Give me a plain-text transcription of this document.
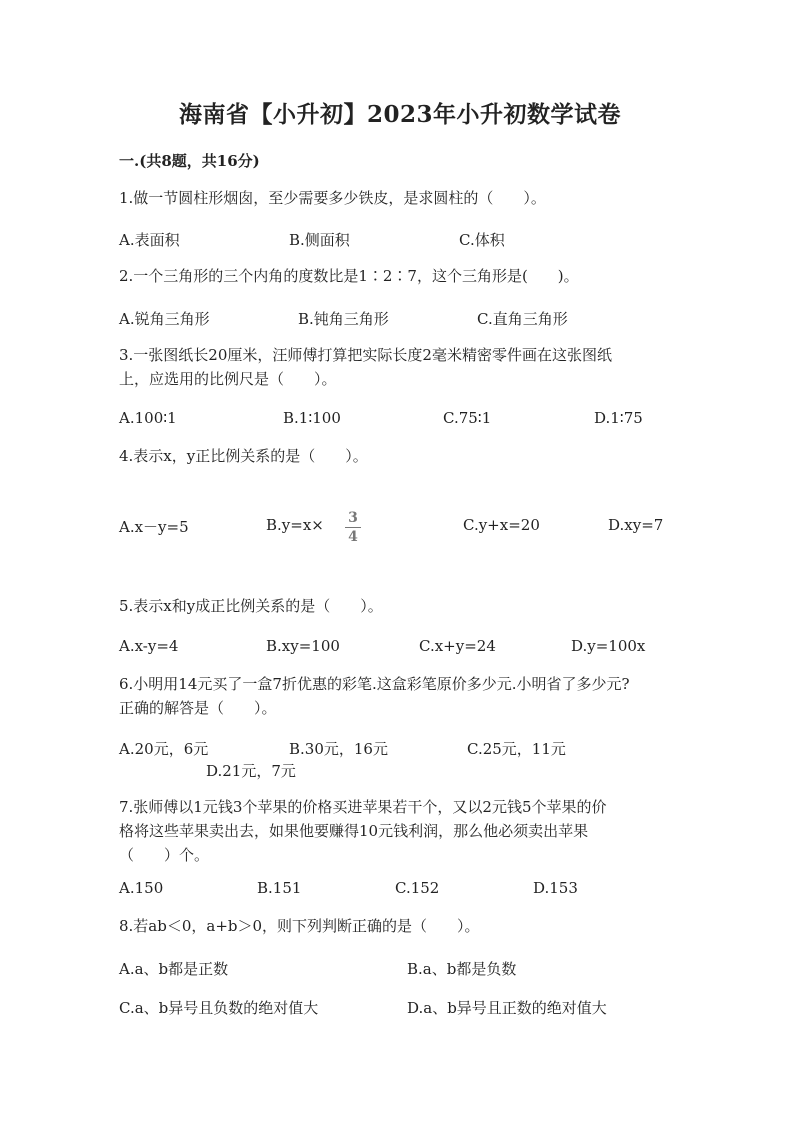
海南省【小升初】2023年小升初数学试卷
一.(共8题，共16分)
1.做一节圆柱形烟囱，至少需要多少铁皮，是求圆柱的（　　）。
A.表面积	B.侧面积	C.体积
2.一个三角形的三个内角的度数比是1∶2∶7，这个三角形是(　　)。
A.锐角三角形	B.钝角三角形	C.直角三角形
3.一张图纸长20厘米，汪师傅打算把实际长度2毫米精密零件画在这张图纸
上，应选用的比例尺是（　　）。
A.100∶1	B.1∶100	C.75∶1	D.1∶75
4.表示x，y正比例关系的是（　　）。
A.x－y=5	B.y=x×	3
4
C.y+x=20	D.xy=7
5.表示x和y成正比例关系的是（　　）。
A.x-y=4	B.xy=100	C.x+y=24	D.y=100x
6.小明用14元买了一盒7折优惠的彩笔.这盒彩笔原价多少元.小明省了多少元?
正确的解答是（　　）。
A.20元，6元	B.30元，16元	C.25元，11元
D.21元，7元
7.张师傅以1元钱3个苹果的价格买进苹果若干个，又以2元钱5个苹果的价
格将这些苹果卖出去，如果他要赚得10元钱利润，那么他必须卖出苹果
（　　）个。
A.150	B.151	C.152	D.153
8.若ab＜0，a+b＞0，则下列判断正确的是（　　）。
A.a、b都是正数	B.a、b都是负数
C.a、b异号且负数的绝对值大	D.a、b异号且正数的绝对值大
